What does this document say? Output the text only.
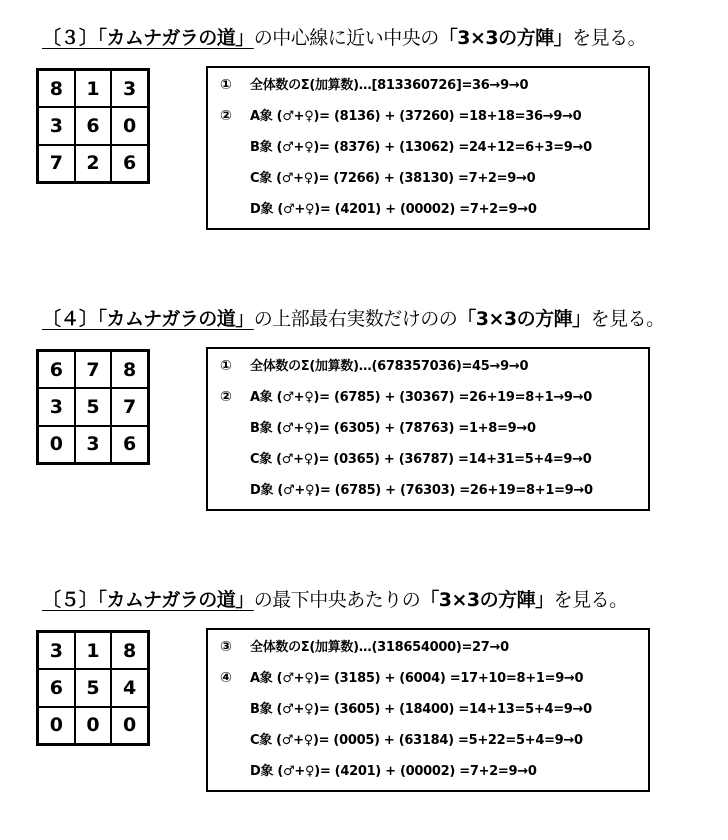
〔３〕「カムナガラの道」の中心線に近い中央の「3×3の方陣」を見る。
8	1	3
3	6	0
7	2	6
①	全体数のΣ(加算数)…[813360726]=36→9→0
②	A象 (♂+♀)= (8136) + (37260) =18+18=36→9→0
B象 (♂+♀)= (8376) + (13062) =24+12=6+3=9→0
C象 (♂+♀)= (7266) + (38130) =7+2=9→0
D象 (♂+♀)= (4201) + (00002) =7+2=9→0
〔４〕「カムナガラの道」の上部最右実数だけのの「3×3の方陣」を見る。
6	7	8
3	5	7
0	3	6
①	全体数のΣ(加算数)…(678357036)=45→9→0
②	A象 (♂+♀)= (6785) + (30367) =26+19=8+1→9→0
B象 (♂+♀)= (6305) + (78763) =1+8=9→0
C象 (♂+♀)= (0365) + (36787) =14+31=5+4=9→0
D象 (♂+♀)= (6785) + (76303) =26+19=8+1=9→0
〔５〕「カムナガラの道」の最下中央あたりの「3×3の方陣」を見る。
3	1	8
6	5	4
0	0	0
③	全体数のΣ(加算数)…(318654000)=27→0
④	A象 (♂+♀)= (3185) + (6004) =17+10=8+1=9→0
B象 (♂+♀)= (3605) + (18400) =14+13=5+4=9→0
C象 (♂+♀)= (0005) + (63184) =5+22=5+4=9→0
D象 (♂+♀)= (4201) + (00002) =7+2=9→0
